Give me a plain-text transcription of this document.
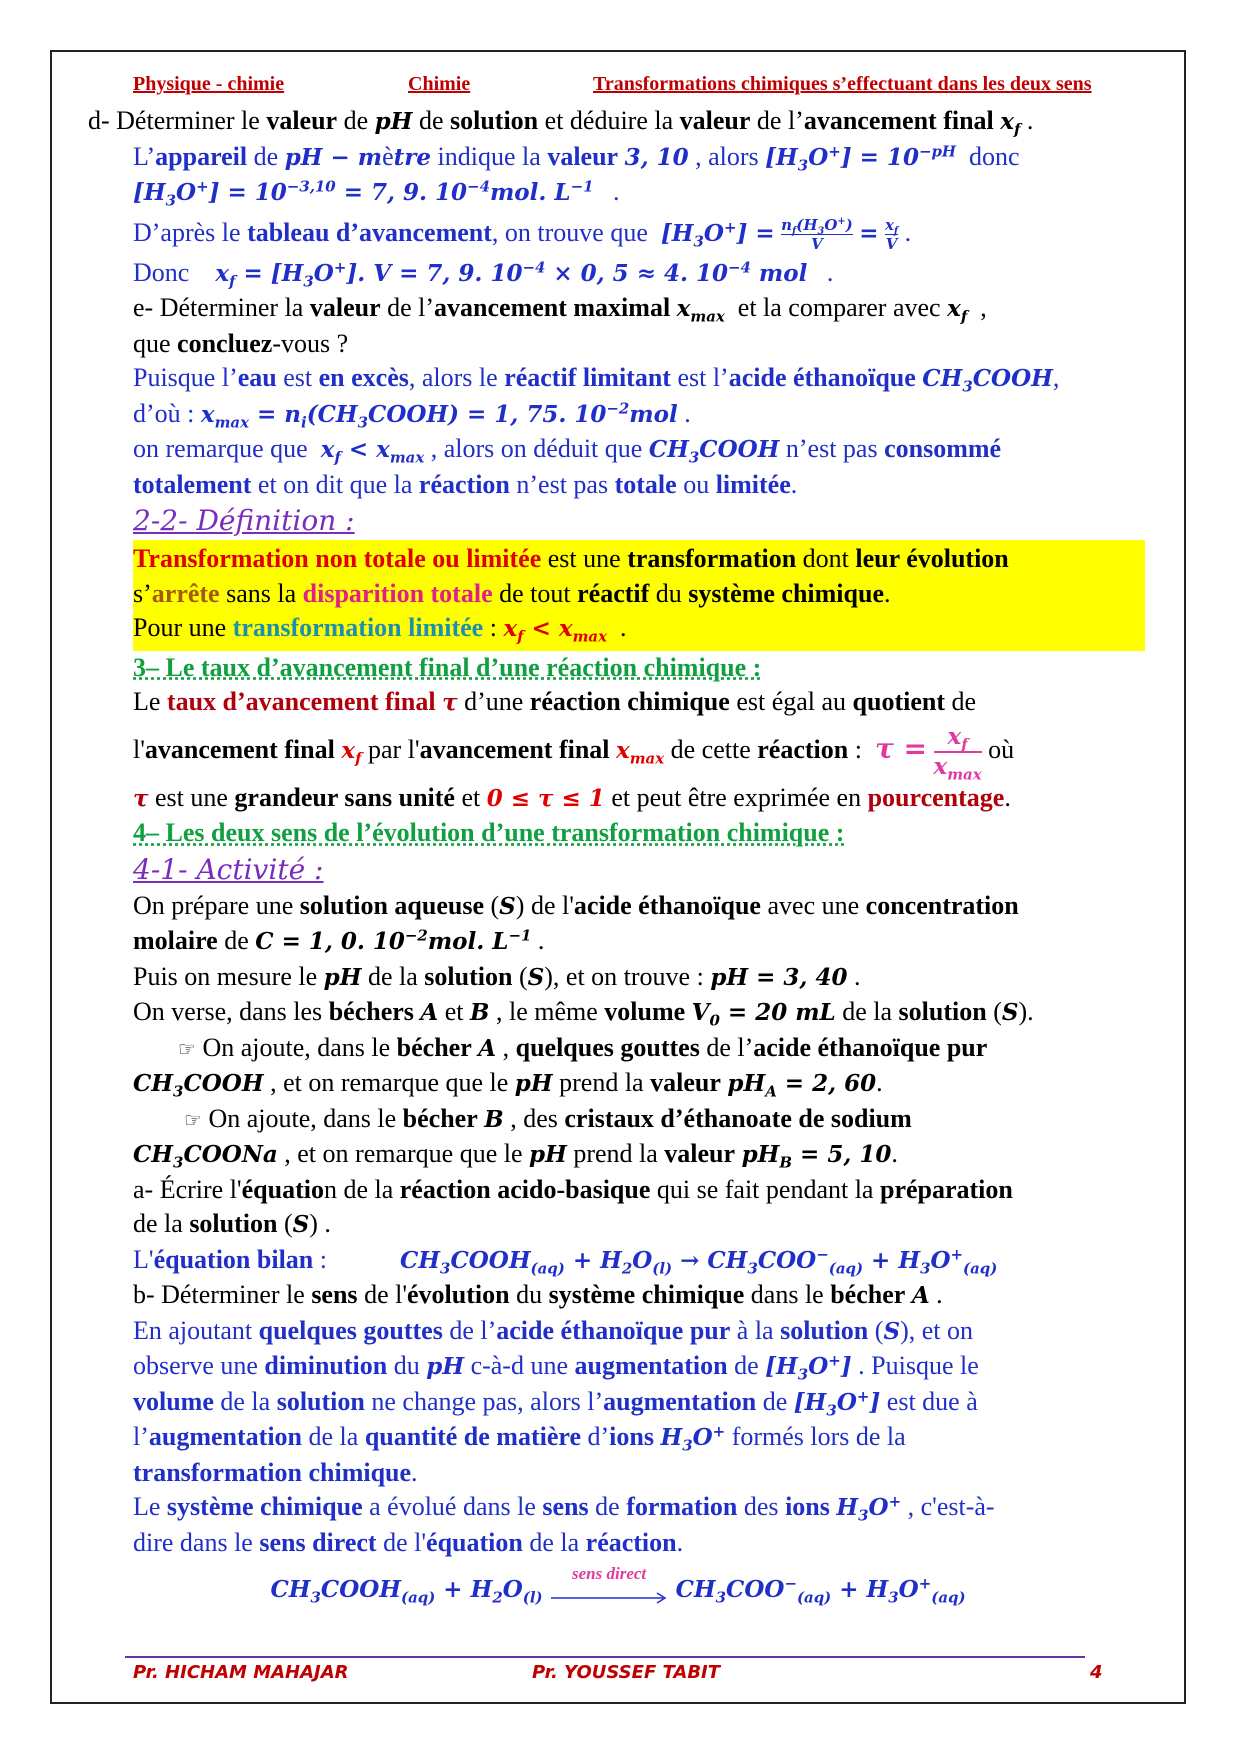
Physique - chimie	Chimie	Transformations chimiques s’effectuant dans les deux sens

d- Déterminer le valeur de pH de solution et déduire la valeur de l’avancement final $x_f$ .

L’appareil de pH − mètre indique la valeur 3, 10 , alors $[H_3O^+] = 10^{-pH}$  donc

$[H_3O^+] = 10^{-3,10} = 7$, 9. $10^{-4}mol$. $L^{-1}$   .

D’après le tableau d’avancement, on trouve que  $[H_3O^+] = \frac{n_f(H_3O^+)}{V} = \frac{x_f}{V}$ .

Donc    $x_f = [H_3O^+]$. V = 7, 9. $10^{-4} \times 0$, 5 ≈ 4. $10^{-4}$ mol   .

e- Déterminer la valeur de l’avancement maximal $x_{max}$  et la comparer avec $x_f$  ,

que concluez-vous ?

Puisque l’eau est en excès, alors le réactif limitant est l’acide éthanoïque $CH_3COOH$,

d’où : $x_{max}$ = $n_i(CH_3COOH) = 1$, 75. $10^{-2}mol$ .

on remarque que  $x_f < x_{max}$ , alors on déduit que $CH_3COOH$ n’est pas consommé

totalement et on dit que la réaction n’est pas totale ou limitée.

2-2- Définition :

Transformation non totale ou limitée est une transformation dont leur évolution

s’arrête sans la disparition totale de tout réactif du système chimique.

Pour une transformation limitée : $x_f < x_{max}$  .

3– Le taux d’avancement final d’une réaction chimique :

Le taux d’avancement final τ d’une réaction chimique est égal au quotient de

l'avancement final $x_f$ par l'avancement final $x_{max}$ de cette réaction :  $\tau = x_f$
$x_{max}$
où

τ est une grandeur sans unité et 0 ≤ τ ≤ 1 et peut être exprimée en pourcentage.

4– Les deux sens de l’évolution d’une transformation chimique :
4-1- Activité :

On prépare une solution aqueuse (S) de l'acide éthanoïque avec une concentration

molaire de C = 1, 0. $10^{-2}mol$. $L^{-1}$ .

Puis on mesure le pH de la solution (S), et on trouve : pH = 3, 40 .

On verse, dans les béchers A et B , le même volume $V_0 = 20$ mL de la solution (S).

☞ On ajoute, dans le bécher A , quelques gouttes de l’acide éthanoïque pur

$CH_3COOH$ , et on remarque que le pH prend la valeur $pH_A = 2$, 60.

☞ On ajoute, dans le bécher B , des cristaux d’éthanoate de sodium

$CH_3COONa$ , et on remarque que le pH prend la valeur $pH_B = 5$, 10.

a- Écrire l'équation de la réaction acido-basique qui se fait pendant la préparation

de la solution (S) .

L'équation bilan :	$CH_3COOH_{(aq)} + H_2O_{(l)} \to CH_3COO^-_{(aq)} + H_3O^+_{(aq)}$

b- Déterminer le sens de l'évolution du système chimique dans le bécher A .

En ajoutant quelques gouttes de l’acide éthanoïque pur à la solution (S), et on

observe une diminution du pH c-à-d une augmentation de $[H_3O^+]$ . Puisque le

volume de la solution ne change pas, alors l’augmentation de $[H_3O^+]$ est due à

l’augmentation de la quantité de matière d’ions $H_3O^+$ formés lors de la

transformation chimique.

Le système chimique a évolué dans le sens de formation des ions $H_3O^+$ , c'est-à-

dire dans le sens direct de l'équation de la réaction.

$CH_3COOH_{(aq)} + H_2O_{(l)}$
sens direct
$CH_3COO^-_{(aq)} + H_3O^+_{(aq)}$

Pr. HICHAM MAHAJAR	Pr. YOUSSEF TABIT	4
